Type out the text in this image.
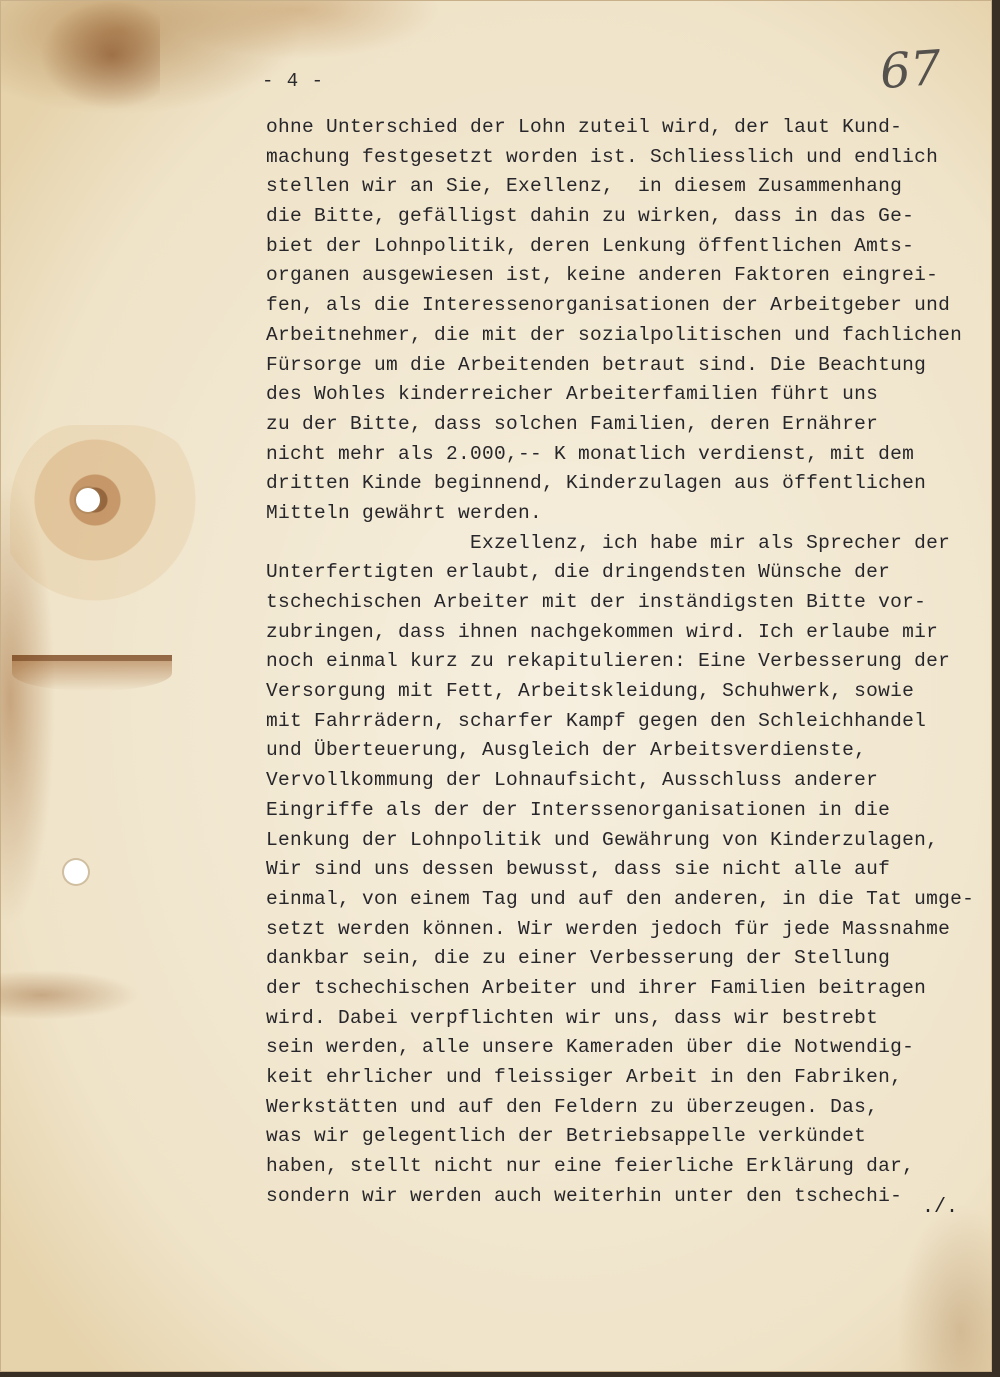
- 4 -	67
ohne Unterschied der Lohn zuteil wird, der laut Kund-
machung festgesetzt worden ist. Schliesslich und endlich
stellen wir an Sie, Exellenz,  in diesem Zusammenhang
die Bitte, gefälligst dahin zu wirken, dass in das Ge-
biet der Lohnpolitik, deren Lenkung öffentlichen Amts-
organen ausgewiesen ist, keine anderen Faktoren eingrei-
fen, als die Interessenorganisationen der Arbeitgeber und
Arbeitnehmer, die mit der sozialpolitischen und fachlichen
Fürsorge um die Arbeitenden betraut sind. Die Beachtung
des Wohles kinderreicher Arbeiterfamilien führt uns
zu der Bitte, dass solchen Familien, deren Ernährer
nicht mehr als 2.000,-- K monatlich verdienst, mit dem
dritten Kinde beginnend, Kinderzulagen aus öffentlichen
Mitteln gewährt werden.
Exzellenz, ich habe mir als Sprecher der
Unterfertigten erlaubt, die dringendsten Wünsche der
tschechischen Arbeiter mit der inständigsten Bitte vor-
zubringen, dass ihnen nachgekommen wird. Ich erlaube mir
noch einmal kurz zu rekapitulieren: Eine Verbesserung der
Versorgung mit Fett, Arbeitskleidung, Schuhwerk, sowie
mit Fahrrädern, scharfer Kampf gegen den Schleichhandel
und Überteuerung, Ausgleich der Arbeitsverdienste,
Vervollkommung der Lohnaufsicht, Ausschluss anderer
Eingriffe als der der Interssenorganisationen in die
Lenkung der Lohnpolitik und Gewährung von Kinderzulagen,
Wir sind uns dessen bewusst, dass sie nicht alle auf
einmal, von einem Tag und auf den anderen, in die Tat umge-
setzt werden können. Wir werden jedoch für jede Massnahme
dankbar sein, die zu einer Verbesserung der Stellung
der tschechischen Arbeiter und ihrer Familien beitragen
wird. Dabei verpflichten wir uns, dass wir bestrebt
sein werden, alle unsere Kameraden über die Notwendig-
keit ehrlicher und fleissiger Arbeit in den Fabriken,
Werkstätten und auf den Feldern zu überzeugen. Das,
was wir gelegentlich der Betriebsappelle verkündet
haben, stellt nicht nur eine feierliche Erklärung dar,
sondern wir werden auch weiterhin unter den tschechi-
./.
